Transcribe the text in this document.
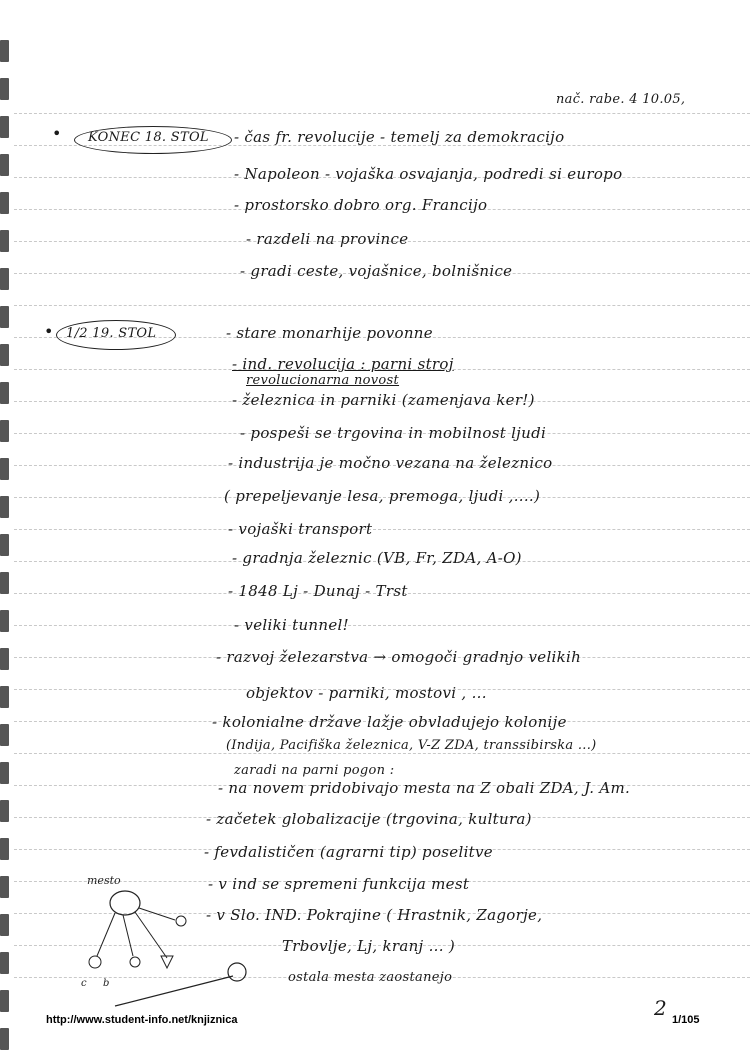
nač. rabe. 4 10.05,
• KONEC 18. STOL - čas fr. revolucije - temelj za demokracijo
- Napoleon - vojaška osvajanja, podredi si europo
- prostorsko dobro org. Francijo
- razdeli na province
- gradi ceste, vojašnice, bolnišnice
• 1/2 19. STOL	- stare monarhije povonne
- ind. revolucija : parni stroj
revolucionarna novost
- železnica in parniki (zamenjava ker!)
- pospeši se trgovina in mobilnost ljudi
- industrija je močno vezana na železnico
( prepeljevanje lesa, premoga, ljudi ,....)
- vojaški transport
- gradnja železnic (VB, Fr, ZDA, A-O)
- 1848 Lj - Dunaj - Trst
- veliki tunnel!
- razvoj železarstva → omogoči gradnjo velikih
objektov - parniki, mostovi , ...
- kolonialne države lažje obvladujejo kolonije
(Indija, Pacifiška železnica, V-Z ZDA, transsibirska ...)
zaradi na parni pogon :
- na novem pridobivajo mesta na Z obali ZDA, J. Am.
- začetek globalizacije (trgovina, kultura)
- fevdalističen (agrarni tip) poselitve
- v ind se spremeni funkcija mest
- v Slo. IND. Pokrajine ( Hrastnik, Zagorje,
Trbovlje, Lj, kranj ... )
ostala mesta zaostanejo
mesto
c b
2
http://www.student-info.net/knjiznica	1/105
